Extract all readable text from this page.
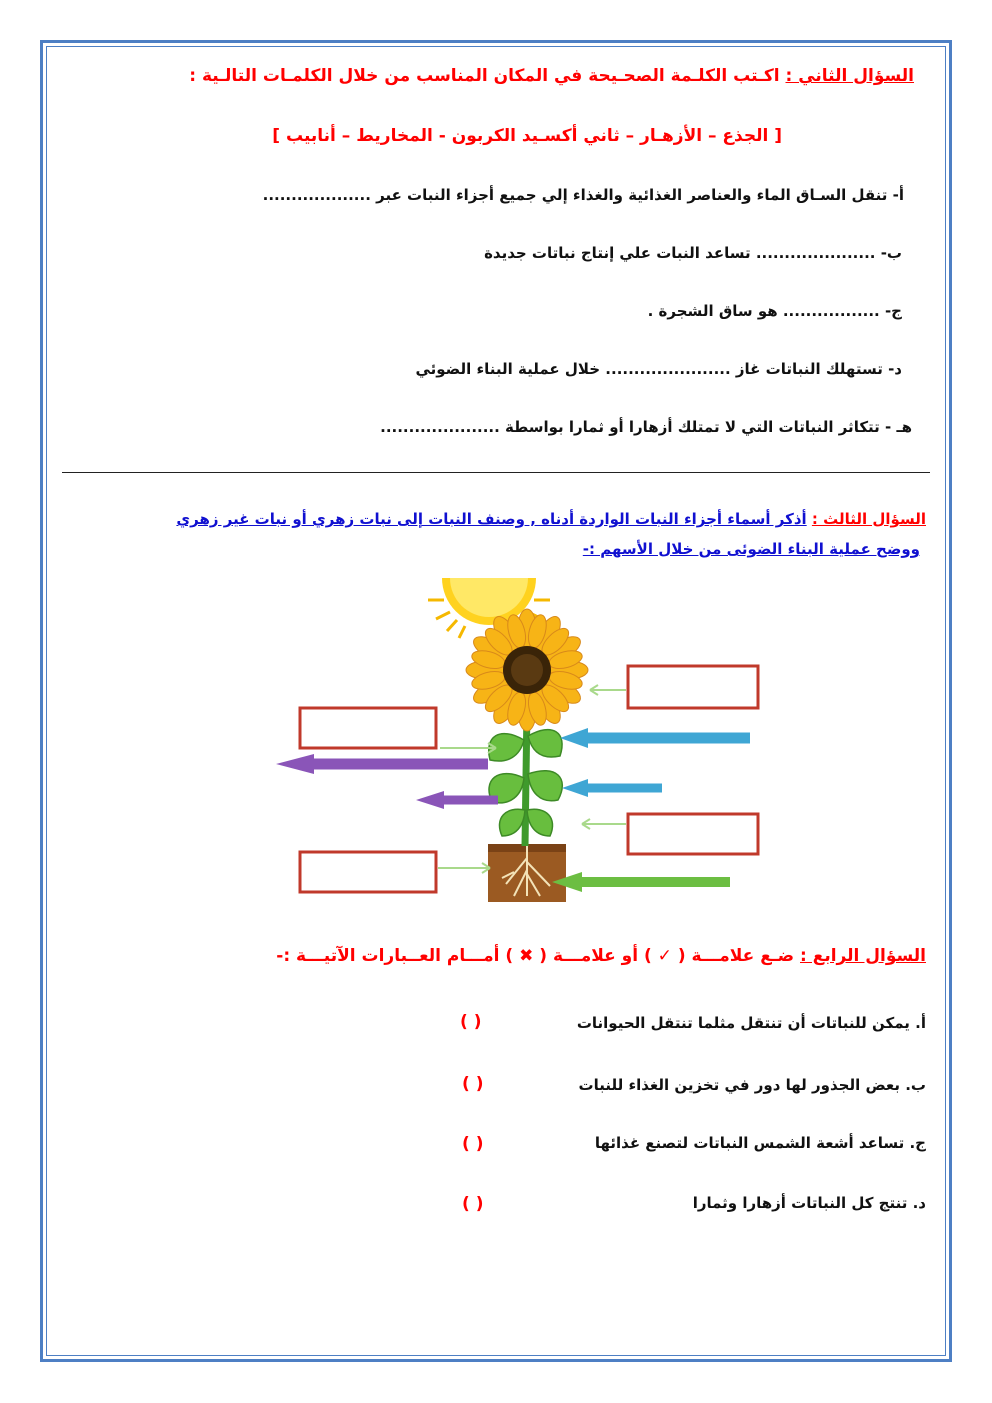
السؤال الثاني : اكـتب الكلـمة الصحـيحة في المكان المناسب من خلال الكلمـات التالـية :
[ الجذع – الأزهـار – ثاني أكسـيد الكربون - المخاريط – أنابيب ]
أ- تنقل السـاق الماء والعناصر الغذائية والغذاء إلي جميع أجزاء النبات عبر ...................
ب- ..................... تساعد النبات علي إنتاج نباتات جديدة
ج- ................. هو ساق الشجرة .
د- تستهلك النباتات غاز ...................... خلال عملية البناء الضوئي
هـ - تتكاثر النباتات التي لا تمتلك أزهارا أو ثمارا بواسطة .....................
السؤال الثالث : أذكر أسماء أجزاء النبات الواردة أدناه , وصنف النبات إلى نبات زهري أو نبات غير زهري
ووضح عملية البناء الضوئى من خلال الأسهم :-
السؤال الرابع : ضـع علامـــة ( ✓ ) أو علامـــة ( ✖ ) أمـــام العــبارات الآتيـــة :-
أ. يمكن للنباتات أن تنتقل مثلما تنتقل الحيوانات
( )
ب. بعض الجذور لها دور في تخزين الغذاء للنبات
( )
ج. تساعد أشعة الشمس النباتات لتصنع غذائها
( )
د. تنتج كل النباتات أزهارا وثمارا
( )
